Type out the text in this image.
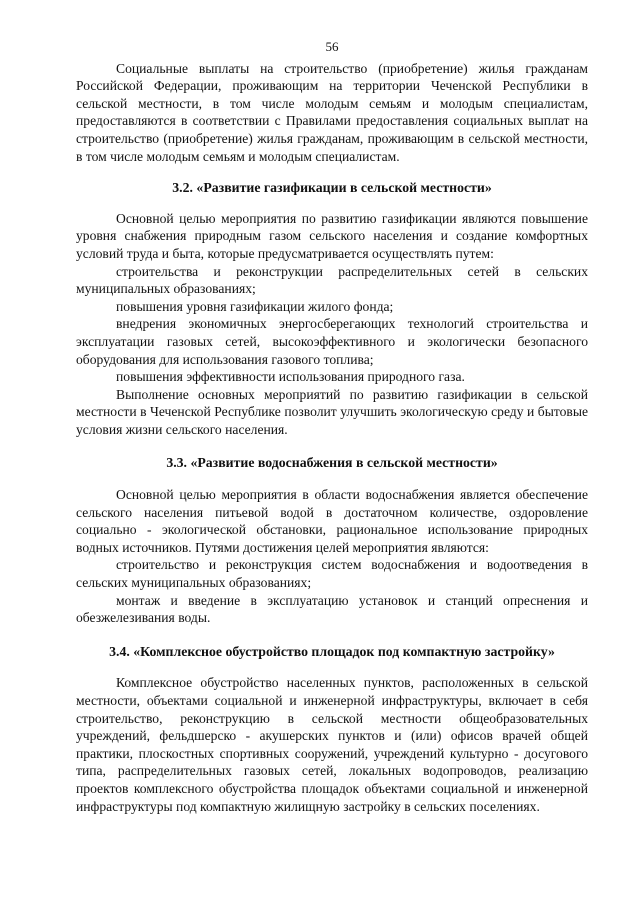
56

Социальные выплаты на строительство (приобретение) жилья гражданам Российской Федерации, проживающим на территории Чеченской Республики в сельской местности, в том числе молодым семьям и молодым специалистам, предоставляются в соответствии с Правилами предоставления социальных выплат на строительство (приобретение) жилья гражданам, проживающим в сельской местности, в том числе молодым семьям и молодым специалистам.

3.2. «Развитие газификации в сельской местности»

Основной целью мероприятия по развитию газификации являются повышение уровня снабжения природным газом сельского населения и создание комфортных условий труда и быта, которые предусматривается осуществлять путем:

строительства и реконструкции распределительных сетей в сельских муниципальных образованиях;

повышения уровня газификации жилого фонда;

внедрения экономичных энергосберегающих технологий строительства и эксплуатации газовых сетей, высокоэффективного и экологически безопасного оборудования для использования газового топлива;

повышения эффективности использования природного газа.

Выполнение основных мероприятий по развитию газификации в сельской местности в Чеченской Республике позволит улучшить экологическую среду и бытовые условия жизни сельского населения.

3.3. «Развитие водоснабжения в сельской местности»

Основной целью мероприятия в области водоснабжения является обеспечение сельского населения питьевой водой в достаточном количестве, оздоровление социально - экологической обстановки, рациональное использование природных водных источников. Путями достижения целей мероприятия являются:

строительство и реконструкция систем водоснабжения и водоотведения в сельских муниципальных образованиях;

монтаж и введение в эксплуатацию установок и станций опреснения и обезжелезивания воды.

3.4. «Комплексное обустройство площадок под компактную застройку»

Комплексное обустройство населенных пунктов, расположенных в сельской местности, объектами социальной и инженерной инфраструктуры, включает в себя строительство, реконструкцию в сельской местности общеобразовательных учреждений, фельдшерско - акушерских пунктов и (или) офисов врачей общей практики, плоскостных спортивных сооружений, учреждений культурно - досугового типа, распределительных газовых сетей, локальных водопроводов, реализацию проектов комплексного обустройства площадок объектами социальной и инженерной инфраструктуры под компактную жилищную застройку в сельских поселениях.
